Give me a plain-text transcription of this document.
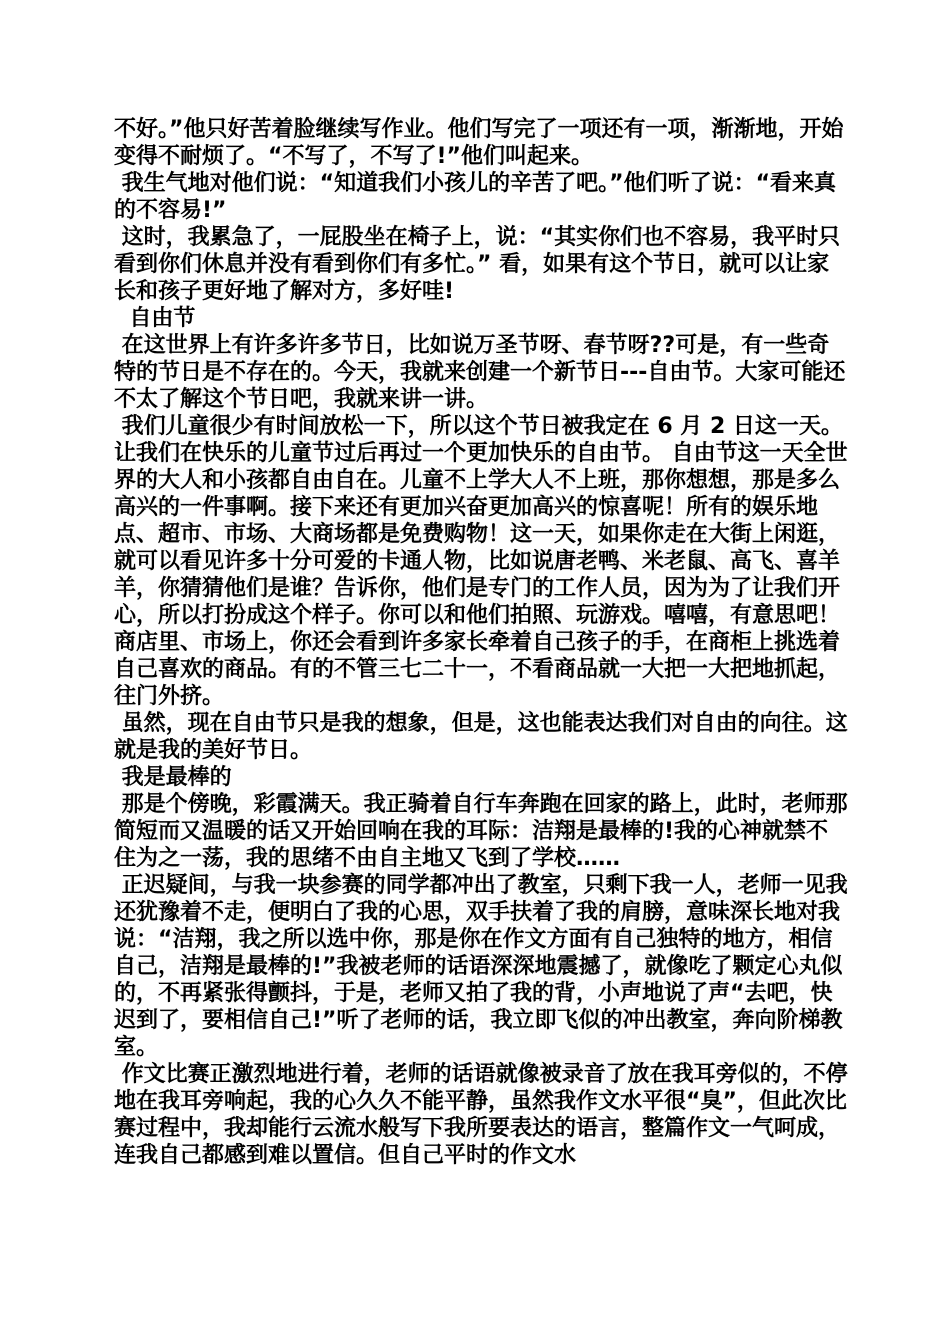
不好。”他只好苦着脸继续写作业。他们写完了一项还有一项，渐渐地，开始变得不耐烦了。“不写了，不写了!”他们叫起来。

我生气地对他们说：“知道我们小孩儿的辛苦了吧。”他们听了说：“看来真的不容易!”

这时，我累急了，一屁股坐在椅子上，说：“其实你们也不容易，我平时只看到你们休息并没有看到你们有多忙。” 看，如果有这个节日，就可以让家长和孩子更好地了解对方，多好哇!

自由节

在这世界上有许多许多节日，比如说万圣节呀、春节呀??可是，有一些奇特的节日是不存在的。今天，我就来创建一个新节日---自由节。大家可能还不太了解这个节日吧，我就来讲一讲。

我们儿童很少有时间放松一下，所以这个节日被我定在 6 月 2 日这一天。让我们在快乐的儿童节过后再过一个更加快乐的自由节。 自由节这一天全世界的大人和小孩都自由自在。儿童不上学大人不上班，那你想想，那是多么高兴的一件事啊。接下来还有更加兴奋更加高兴的惊喜呢！所有的娱乐地点、超市、市场、大商场都是免费购物！这一天，如果你走在大街上闲逛，就可以看见许多十分可爱的卡通人物，比如说唐老鸭、米老鼠、高飞、喜羊羊，你猜猜他们是谁？告诉你，他们是专门的工作人员，因为为了让我们开心，所以打扮成这个样子。你可以和他们拍照、玩游戏。嘻嘻，有意思吧！商店里、市场上，你还会看到许多家长牵着自己孩子的手，在商柜上挑选着自己喜欢的商品。有的不管三七二十一，不看商品就一大把一大把地抓起，往门外挤。

虽然，现在自由节只是我的想象，但是，这也能表达我们对自由的向往。这就是我的美好节日。

我是最棒的

那是个傍晚，彩霞满天。我正骑着自行车奔跑在回家的路上，此时，老师那简短而又温暖的话又开始回响在我的耳际：洁翔是最棒的!我的心神就禁不住为之一荡，我的思绪不由自主地又飞到了学校……

正迟疑间，与我一块参赛的同学都冲出了教室，只剩下我一人，老师一见我还犹豫着不走，便明白了我的心思，双手扶着了我的肩膀，意味深长地对我说：“洁翔，我之所以选中你，那是你在作文方面有自己独特的地方，相信自己，洁翔是最棒的!”我被老师的话语深深地震撼了，就像吃了颗定心丸似的，不再紧张得颤抖，于是，老师又拍了我的背，小声地说了声“去吧，快迟到了，要相信自己!”听了老师的话，我立即飞似的冲出教室，奔向阶梯教室。

作文比赛正激烈地进行着，老师的话语就像被录音了放在我耳旁似的，不停地在我耳旁响起，我的心久久不能平静，虽然我作文水平很“臭”，但此次比赛过程中，我却能行云流水般写下我所要表达的语言，整篇作文一气呵成，连我自己都感到难以置信。但自己平时的作文水
